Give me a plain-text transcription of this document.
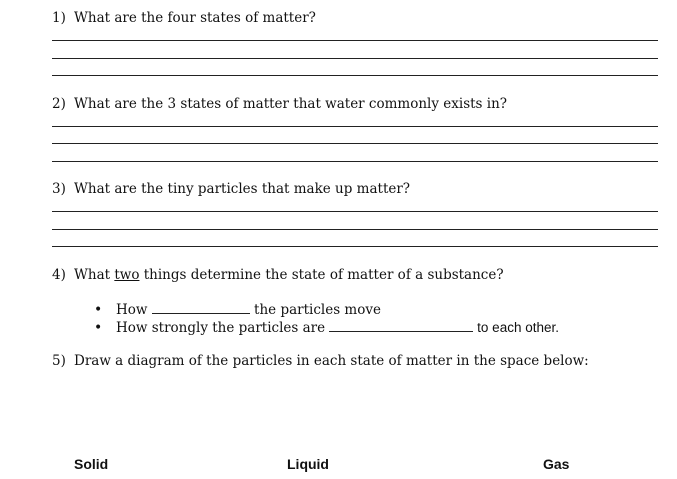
1) What are the four states of matter?
2) What are the 3 states of matter that water commonly exists in?
3) What are the tiny particles that make up matter?
4) What two things determine the state of matter of a substance?
• How	the particles move
• How strongly the particles are	to each other.
5) Draw a diagram of the particles in each state of matter in the space below:
Solid	Liquid	Gas
